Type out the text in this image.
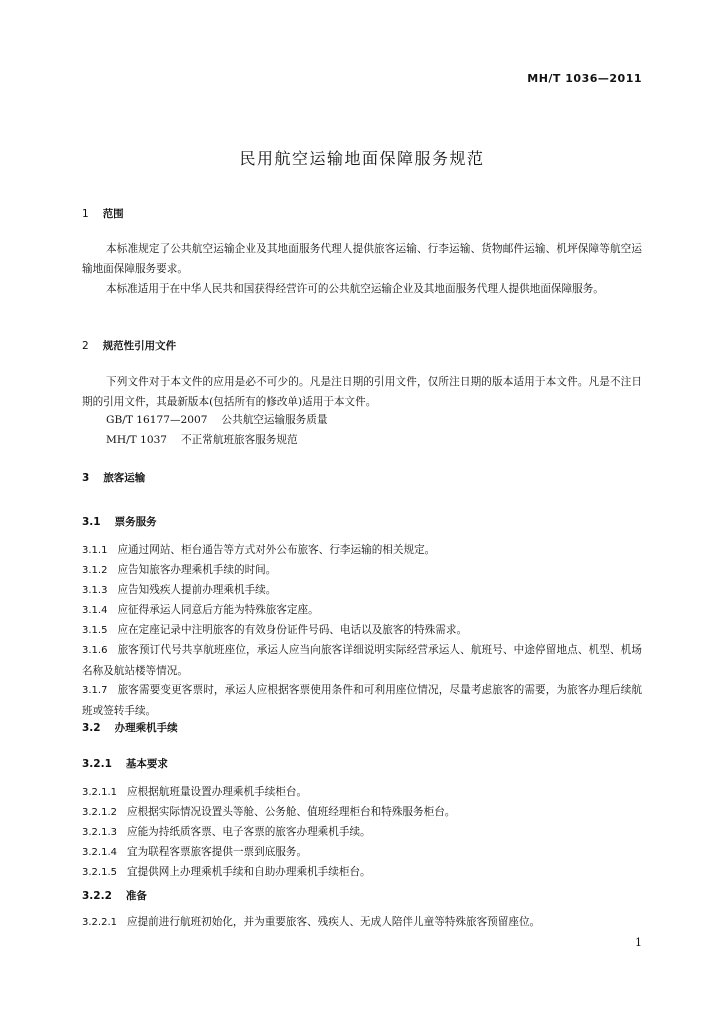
MH/T 1036—2011
民用航空运输地面保障服务规范
1 范围
本标准规定了公共航空运输企业及其地面服务代理人提供旅客运输、行李运输、货物邮件运输、机坪保障等航空运输地面保障服务要求。
本标准适用于在中华人民共和国获得经营许可的公共航空运输企业及其地面服务代理人提供地面保障服务。
2 规范性引用文件
下列文件对于本文件的应用是必不可少的。凡是注日期的引用文件，仅所注日期的版本适用于本文件。凡是不注日期的引用文件，其最新版本(包括所有的修改单)适用于本文件。
GB/T 16177—2007 公共航空运输服务质量
MH/T 1037 不正常航班旅客服务规范
3 旅客运输
3.1 票务服务
3.1.1 应通过网站、柜台通告等方式对外公布旅客、行李运输的相关规定。
3.1.2 应告知旅客办理乘机手续的时间。
3.1.3 应告知残疾人提前办理乘机手续。
3.1.4 应征得承运人同意后方能为特殊旅客定座。
3.1.5 应在定座记录中注明旅客的有效身份证件号码、电话以及旅客的特殊需求。
3.1.6 旅客预订代号共享航班座位，承运人应当向旅客详细说明实际经营承运人、航班号、中途停留地点、机型、机场名称及航站楼等情况。
3.1.7 旅客需要变更客票时，承运人应根据客票使用条件和可利用座位情况，尽量考虑旅客的需要，为旅客办理后续航班或签转手续。
3.2 办理乘机手续
3.2.1 基本要求
3.2.1.1 应根据航班量设置办理乘机手续柜台。
3.2.1.2 应根据实际情况设置头等舱、公务舱、值班经理柜台和特殊服务柜台。
3.2.1.3 应能为持纸质客票、电子客票的旅客办理乘机手续。
3.2.1.4 宜为联程客票旅客提供一票到底服务。
3.2.1.5 宜提供网上办理乘机手续和自助办理乘机手续柜台。
3.2.2 准备
3.2.2.1 应提前进行航班初始化，并为重要旅客、残疾人、无成人陪伴儿童等特殊旅客预留座位。
1
